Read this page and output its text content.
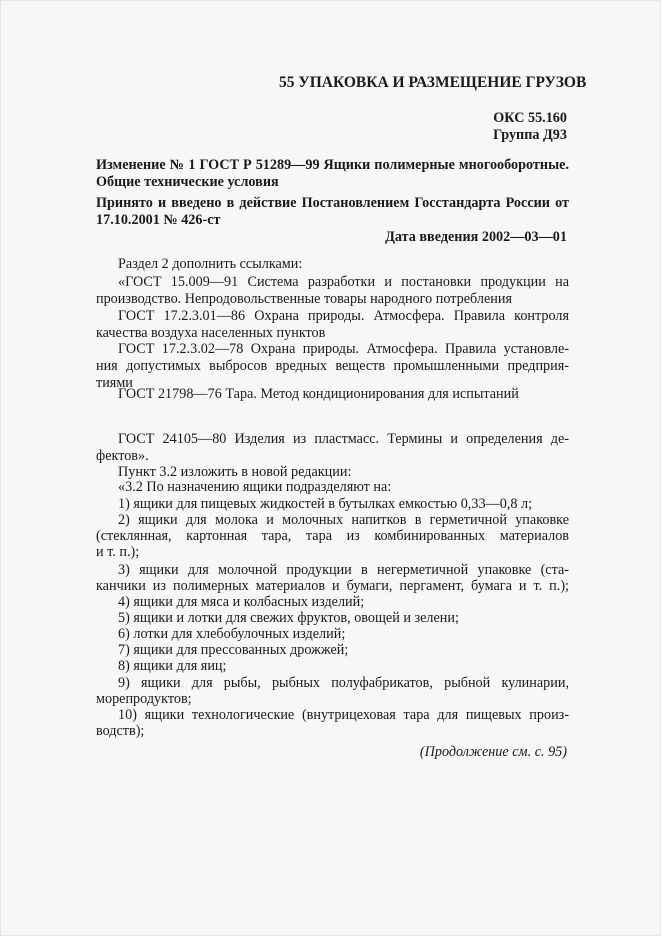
55 УПАКОВКА И РАЗМЕЩЕНИЕ ГРУЗОВ
ОКС 55.160
Группа Д93
Изменение № 1 ГОСТ Р 51289—99 Ящики полимерные многооборотные.
Общие технические условия
Принято и введено в действие Постановлением Госстандарта России от
17.10.2001 № 426-ст
Дата введения 2002—03—01
Раздел 2 дополнить ссылками:
«ГОСТ 15.009—91 Система разработки и постановки продукции на
производство. Непродовольственные товары народного потребления
ГОСТ 17.2.3.01—86 Охрана природы. Атмосфера. Правила контроля
качества воздуха населенных пунктов
ГОСТ 17.2.3.02—78 Охрана природы. Атмосфера. Правила установле-
ния допустимых выбросов вредных веществ промышленными предприя-
тиями
ГОСТ 21798—76 Тара. Метод кондиционирования для испытаний
ГОСТ 24105—80 Изделия из пластмасс. Термины и определения де-
фектов».
Пункт 3.2 изложить в новой редакции:
«3.2 По назначению ящики подразделяют на:
1) ящики для пищевых жидкостей в бутылках емкостью 0,33—0,8 л;
2) ящики для молока и молочных напитков в герметичной упаковке
(стеклянная, картонная тара, тара из комбинированных материалов
и т. п.);
3) ящики для молочной продукции в негерметичной упаковке (ста-
канчики из полимерных материалов и бумаги, пергамент, бумага и т. п.);
4) ящики для мяса и колбасных изделий;
5) ящики и лотки для свежих фруктов, овощей и зелени;
6) лотки для хлебобулочных изделий;
7) ящики для прессованных дрожжей;
8) ящики для яиц;
9) ящики для рыбы, рыбных полуфабрикатов, рыбной кулинарии,
морепродуктов;
10) ящики технологические (внутрицеховая тара для пищевых произ-
водств);
(Продолжение см. с. 95)
